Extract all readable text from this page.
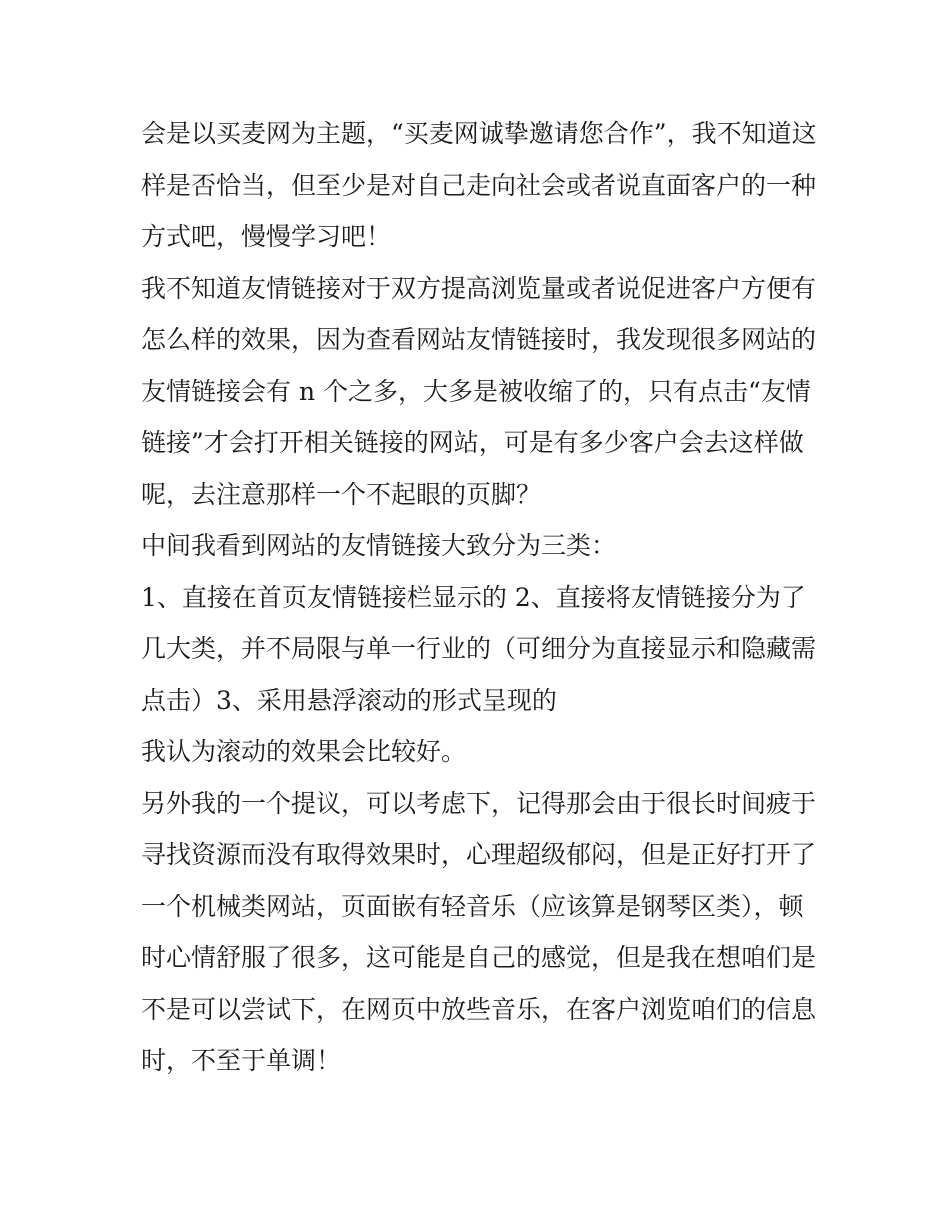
会是以买麦网为主题，“买麦网诚挚邀请您合作”，我不知道这
样是否恰当，但至少是对自己走向社会或者说直面客户的一种
方式吧，慢慢学习吧！
我不知道友情链接对于双方提高浏览量或者说促进客户方便有
怎么样的效果，因为查看网站友情链接时，我发现很多网站的
友情链接会有 n 个之多，大多是被收缩了的，只有点击“友情
链接”才会打开相关链接的网站，可是有多少客户会去这样做
呢，去注意那样一个不起眼的页脚？
中间我看到网站的友情链接大致分为三类：
1、直接在首页友情链接栏显示的 2、直接将友情链接分为了
几大类，并不局限与单一行业的（可细分为直接显示和隐藏需
点击）3、采用悬浮滚动的形式呈现的
我认为滚动的效果会比较好。
另外我的一个提议，可以考虑下，记得那会由于很长时间疲于
寻找资源而没有取得效果时，心理超级郁闷，但是正好打开了
一个机械类网站，页面嵌有轻音乐（应该算是钢琴区类），顿
时心情舒服了很多，这可能是自己的感觉，但是我在想咱们是
不是可以尝试下，在网页中放些音乐，在客户浏览咱们的信息
时，不至于单调！
